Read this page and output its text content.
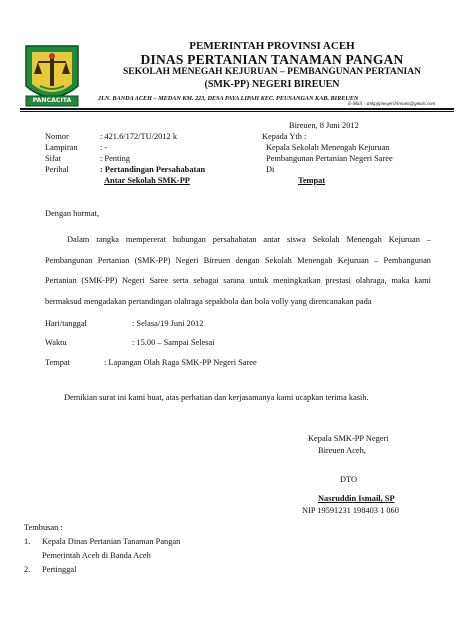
PANCACITA
PEMERINTAH PROVINSI ACEH
DINAS PERTANIAN TANAMAN PANGAN
SEKOLAH MENEGAH KEJURUAN – PEMBANGUNAN PERTANIAN
(SMK-PP) NEGERI BIREUEN
JLN. BANDA ACEH – MEDAN KM. 223, DESA PAYA LIPAH KEC. PEUSANGAN KAB. BIREUEN
E-Mail : smkpppnegeribireuen@gmail.com
Bireuen, 8 Juni 2012
Nomor	: 421.6/172/TU/2012 k
Lampiran	: -
Sifat	: Penting
Perihal	: Pertandingan Persahabatan
Antar Sekolah SMK-PP
Kepada Yth :
Kepala Sekolah Menengah Kejuruan
Pembangunan Pertanian Negeri Saree
Di
Tempat
Dengan hormat,
Dalam rangka mempererat hubungan persahabatan antar siswa Sekolah Menengah Kejuruan – Pembangunan Pertanian (SMK-PP) Negeri Bireuen dengan Sekolah Menengah Kejuruan – Pembangunan Pertanian (SMK-PP) Negeri Saree serta sebagai sarana untuk meningkatkan prestasi olahraga, maka kami bermaksud mengadakan pertandingan olahraga sepakbola dan bola volly yang direncanakan pada
Hari/tanggal	: Selasa/19 Juni 2012
Waktu	: 15.00 – Sampai Selesai
Tempat	: Lapangan Olah Raga SMK-PP Negeri Saree
Demikian surat ini kami buat, atas perhatian dan kerjasamanya kami ucapkan terima kasih.
Kepala SMK-PP Negeri
Bireuen Aceh,
DTO
Nasruddin Ismail, SP
NIP 19591231 198403 1 060
Tembusan :
1. Kepala Dinas Pertanian Tanaman Pangan
Pemerintah Aceh di Banda Aceh
2. Pertinggal
